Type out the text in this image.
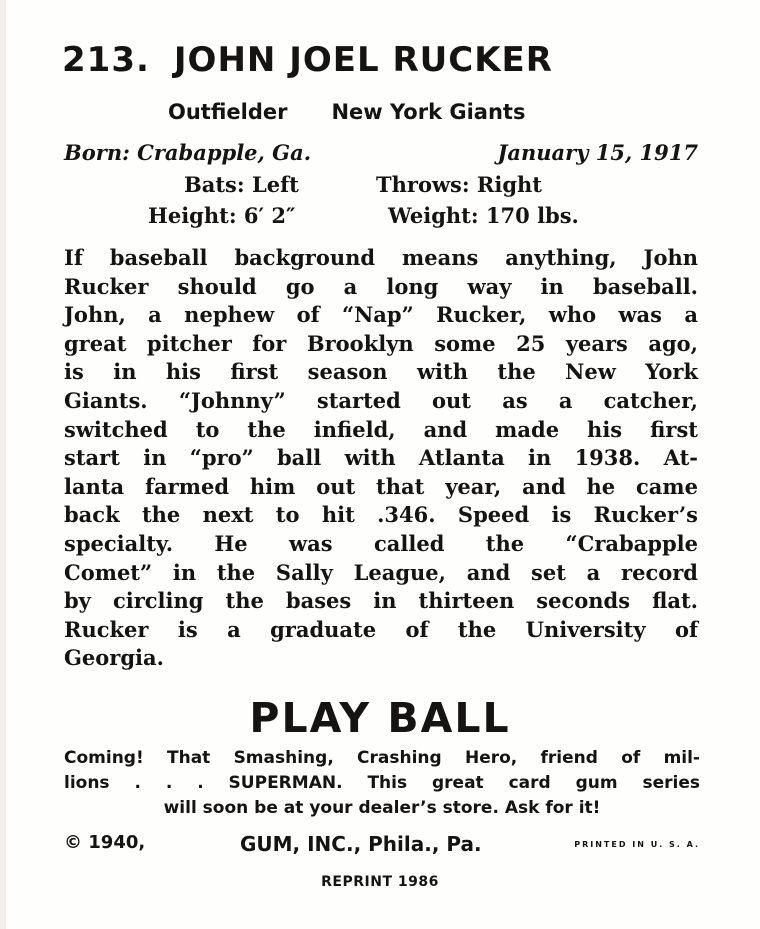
213. JOHN JOEL RUCKER
Outfielder New York Giants
Born: Crabapple, Ga.	January 15, 1917
Bats: Left	Throws: Right
Height: 6′ 2″	Weight: 170 lbs.
If baseball background means anything, John
Rucker should go a long way in baseball.
John, a nephew of “Nap” Rucker, who was a
great pitcher for Brooklyn some 25 years ago,
is in his first season with the New York
Giants. “Johnny” started out as a catcher,
switched to the infield, and made his first
start in “pro” ball with Atlanta in 1938. At-
lanta farmed him out that year, and he came
back the next to hit .346. Speed is Rucker’s
specialty. He was called the “Crabapple
Comet” in the Sally League, and set a record
by circling the bases in thirteen seconds flat.
Rucker is a graduate of the University of
Georgia.
PLAY BALL
Coming! That Smashing, Crashing Hero, friend of mil-
lions . . . SUPERMAN. This great card gum series
will soon be at your dealer’s store. Ask for it!
© 1940,	GUM, INC., Phila., Pa.	PRINTED IN U. S. A.
REPRINT 1986
